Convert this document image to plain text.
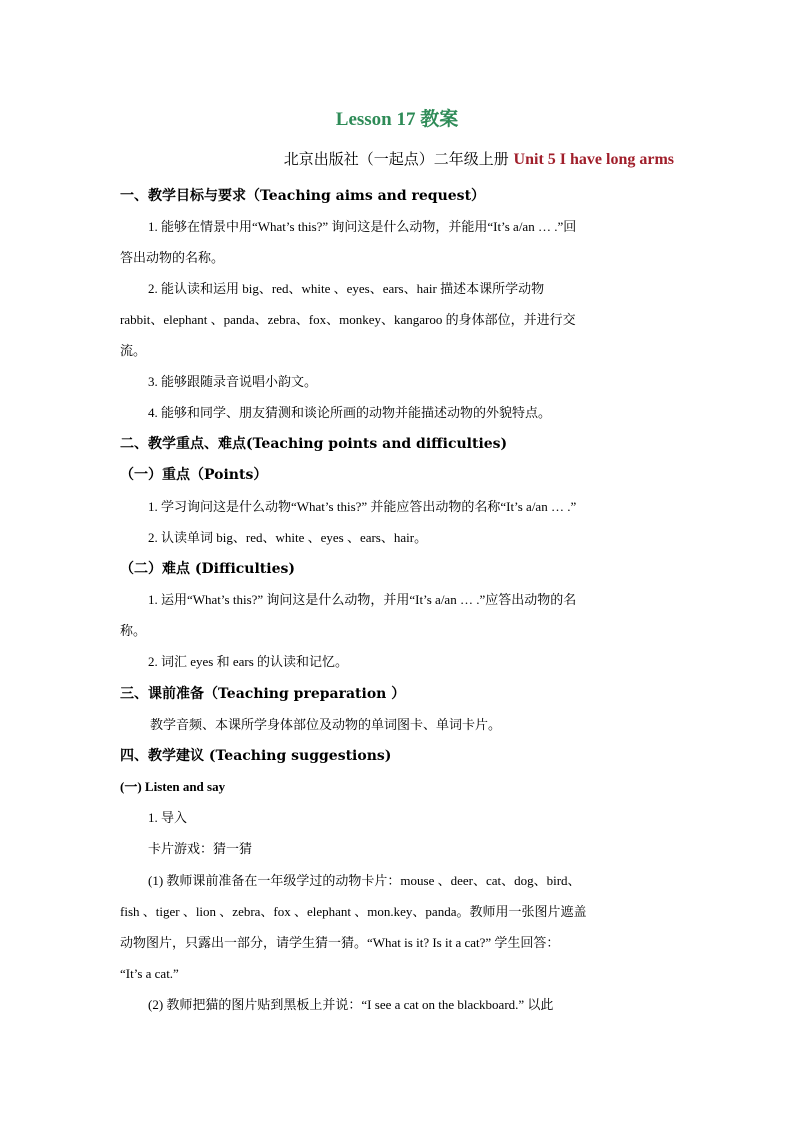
Lesson 17 教案
北京出版社（一起点）二年级上册 Unit 5 I have long arms
一、教学目标与要求（Teaching aims and request）
1. 能够在情景中用“What’s this?” 询问这是什么动物，并能用“It’s a/an … .”回
答出动物的名称。
2. 能认读和运用 big、red、white 、eyes、ears、hair 描述本课所学动物
rabbit、elephant 、panda、zebra、fox、monkey、kangaroo 的身体部位，并进行交
流。
3. 能够跟随录音说唱小韵文。
4. 能够和同学、朋友猜测和谈论所画的动物并能描述动物的外貌特点。
二、教学重点、难点(Teaching points and difficulties)
（一）重点（Points）
1. 学习询问这是什么动物“What’s this?” 并能应答出动物的名称“It’s a/an … .”
2. 认读单词 big、red、white 、eyes 、ears、hair。
（二）难点 (Difficulties)
1. 运用“What’s this?” 询问这是什么动物，并用“It’s a/an … .”应答出动物的名
称。
2. 词汇 eyes 和 ears 的认读和记忆。
三、课前准备（Teaching preparation ）
教学音频、本课所学身体部位及动物的单词图卡、单词卡片。
四、教学建议 (Teaching suggestions)
(一) Listen and say
1. 导入
卡片游戏：猜一猜
(1) 教师课前准备在一年级学过的动物卡片：mouse 、deer、cat、dog、bird、
fish 、tiger 、lion 、zebra、fox 、elephant 、mon.key、panda。教师用一张图片遮盖
动物图片，只露出一部分，请学生猜一猜。“What is it? Is it a cat?” 学生回答：
“It’s a cat.”
(2) 教师把猫的图片贴到黑板上并说：“I see a cat on the blackboard.” 以此
